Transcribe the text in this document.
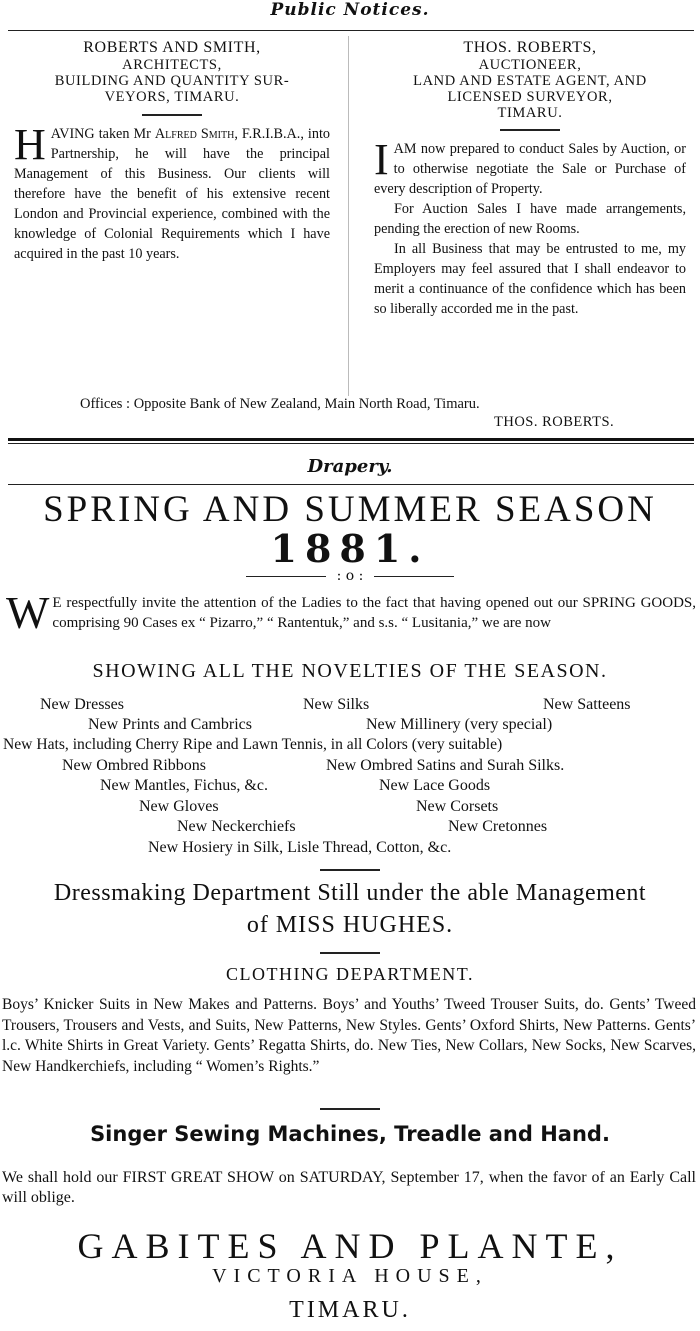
Public Notices.
ROBERTS AND SMITH,
ARCHITECTS,
BUILDING AND QUANTITY SUR-
VEYORS, TIMARU.
HAVING taken Mr Alfred Smith, F.R.I.B.A., into Partnership, he will have the principal Management of this Business. Our clients will therefore have the benefit of his extensive recent London and Provincial experience, combined with the knowledge of Colonial Requirements which I have acquired in the past 10 years.
THOS. ROBERTS,
AUCTIONEER,
LAND AND ESTATE AGENT, AND
LICENSED SURVEYOR,
TIMARU.
IAM now prepared to conduct Sales by Auction, or to otherwise negotiate the Sale or Purchase of every description of Property.
For Auction Sales I have made arrangements, pending the erection of new Rooms.
In all Business that may be entrusted to me, my Employers may feel assured that I shall endeavor to merit a continuance of the confidence which has been so liberally accorded me in the past.
Offices : Opposite Bank of New Zealand, Main North Road, Timaru.
THOS. ROBERTS.
Drapery.
SPRING AND SUMMER SEASON
1881.
: o :
W E respectfully invite the attention of the Ladies to the fact that having opened out our SPRING GOODS, comprising 90 Cases ex “ Pizarro,” “ Rantentuk,” and s.s. “ Lusitania,” we are now
SHOWING ALL THE NOVELTIES OF THE SEASON.
New Dresses	New Silks	New Satteens
New Prints and Cambrics	New Millinery (very special)
New Hats, including Cherry Ripe and Lawn Tennis, in all Colors (very suitable)
New Ombred Ribbons	New Ombred Satins and Surah Silks.
New Mantles, Fichus, &c.	New Lace Goods
New Gloves	New Corsets
New Neckerchiefs	New Cretonnes
New Hosiery in Silk, Lisle Thread, Cotton, &c.
Dressmaking Department Still under the able Management
of MISS HUGHES.
CLOTHING DEPARTMENT.
Boys’ Knicker Suits in New Makes and Patterns. Boys’ and Youths’ Tweed Trouser Suits, do. Gents’ Tweed Trousers, Trousers and Vests, and Suits, New Patterns, New Styles. Gents’ Oxford Shirts, New Patterns. Gents’ l.c. White Shirts in Great Variety. Gents’ Regatta Shirts, do. New Ties, New Collars, New Socks, New Scarves, New Handkerchiefs, including “ Women’s Rights.”
Singer Sewing Machines, Treadle and Hand.
We shall hold our FIRST GREAT SHOW on SATURDAY, September 17, when the favor of an Early Call will oblige.
GABITES AND PLANTE,
VICTORIA HOUSE,
TIMARU.
